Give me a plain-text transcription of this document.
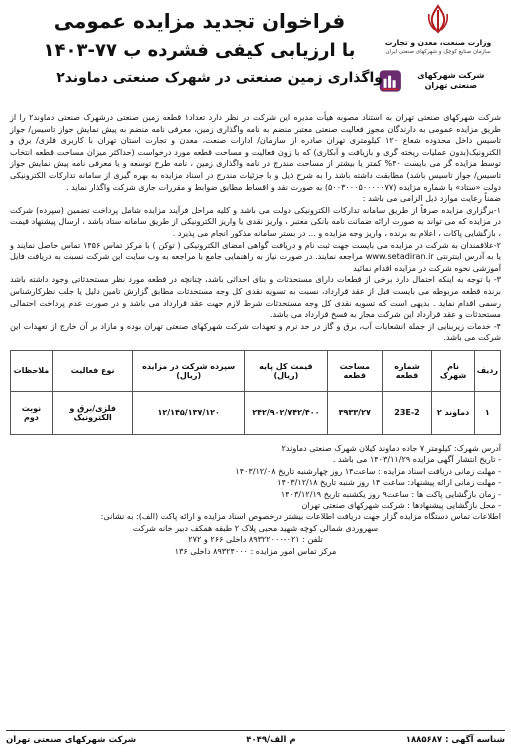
وزارت صنعت، معدن و تجارت
سازمان صنایع کوچک و شهرکهای صنعتی ایران
شرکت شهرکهای صنعتی تهران
فراخوان تجدید مزایده عمومی
با ارزیابی کیفی فشرده ب ۷۷-۱۴۰۳
واگذاری زمین صنعتی در شهرک صنعتی دماوند۲

شرکت شهرکهای صنعتی تهران به استناد مصوبه هیأت مدیره این شرکت در نظر دارد تعداد۱ قطعه زمین صنعتی درشهرک صنعتی دماوند۲ را از طریق مزایده عمومی به دارندگان مجوز فعالیت صنعتی معتبر منضم به نامه واگذاری زمین، معرفی نامه منضم به پیش نمایش جواز تاسیس/ جواز تاسیس داخل محدوده شعاع ۱۲۰ کیلومتری تهران صادره از سازمان/ ادارات صنعت، معدن و تجارت استان تهران با کاربری فلزی/ برق و الکترونیک(بدون عملیات ریخته گری و بازیافت و آبکاری) که با زون فعالیت و مساحت قطعه مورد درخواست (حداکثر میزان مساحت قطعه انتخاب توسط مزایده گر می بایست ۴۰% کمتر یا بیشتر از مساحت مندرج در نامه واگذاری زمین ، نامه طرح توسعه و یا معرفی نامه پیش نمایش جواز تاسیس/ جواز تاسیس باشد) مطابقت داشته باشد را به شرح ذیل و با جزئیات مندرج در اسناد مزایده به بهره گیری از سامانه تدارکات الکترونیکی دولت «ستاد» با شماره مزایده (۵۰۰۳۰۰۰۵۰۰۰۰۰۷۷) به صورت نقد و اقساط مطابق ضوابط و مقررات جاری شرکت واگذار نماید .

ضمناً رعایت موارد ذیل الزامی می باشد :

۱-برگزاری مزایده صرفاً از طریق سامانه تدارکات الکترونیکی دولت می باشد و کلیه مراحل فرآیند مزایده شامل پرداخت تضمین (سپرده) شرکت در مزایده که می تواند به صورت ارائه ضمانت نامه بانکی معتبر ، واریز نقدی یا واریز الکترونیکی از طریق سامانه ستاد باشد ، ارسال پیشنهاد قیمت ، بازگشایی پاکات ، اعلام به برنده ، واریز وجه مزایده و ... در بستر سامانه مذکور انجام می پذیرد .

۲-علاقمندان به شرکت در مزایده می بایست جهت ثبت نام و دریافت گواهی امضای الکترونیکی ( توکن ) با مرکز تماس ۱۴۵۶ تماس حاصل نمایند و یا به آدرس اینترنتی www.setadiran.ir مراجعه نمایند. در صورت نیاز به راهنمایی جامع با مراجعه به وب سایت این شرکت نسبت به دریافت فایل آموزشی نحوه شرکت در مزایده اقدام نمائید

۳- با توجه به اینکه احتمال دارد برخی از قطعات دارای مستحدثات و بنای احداثی باشد، چنانچه در قطعه مورد نظر مستحدثاتی وجود داشته باشد برنده قطعه مربوطه می بایست قبل از عقد قرارداد، نسبت به تسویه نقدی کل وجه مستحدثات مطابق گزارش تامین دلیل یا جلب نظرکارشناس رسمی اقدام نماید . بدیهی است که تسویه نقدی کل وجه مستحدثات شرط لازم جهت عقد قرارداد می باشد و در صورت عدم پرداخت احتمالی مستحدثات و عقد قرارداد این شرکت مجاز به فسخ قرارداد می باشد.

۴- خدمات زیربنایی از جمله انشعابات آب، برق و گاز در حد نرم و تعهدات شرکت شهرکهای صنعتی تهران بوده و مازاد بر آن خارج از تعهدات این شرکت می باشد.

ردیف	نام شهرک	شماره قطعه	مساحت قطعه	قیمت کل پایه (ریال)	سپرده شرکت در مزایده (ریال)	نوع فعالیت	ملاحظات
۱	دماوند ۲	23E-2	۳۹۳۳/۲۷	۲۴۲/۹۰۲/۷۴۲/۴۰۰	۱۲/۱۴۵/۱۳۷/۱۲۰	فلزی/برق و الکترونیک	نوبت دوم

آدرس شهرک: کیلومتر ۷ جاده دماوند کیلان شهرک صنعتی دماوند۲

- تاریخ انتشار آگهی مزایده ۱۴۰۳/۱۱/۲۹ می باشد .

- مهلت زمانی دریافت اسناد مزایده : ساعت۱۴ روز چهارشنبه تاریخ ۱۴۰۳/۱۲/۰۸

- مهلت زمانی ارائه پیشنهاد: ساعت ۱۴ روز شنبه تاریخ ۱۴۰۳/۱۲/۱۸

- زمان بازگشایی پاکت ها : ساعت۹ روز یکشنبه تاریخ ۱۴۰۳/۱۲/۱۹

- محل بازگشایی پیشنهادها : شرکت شهرکهای صنعتی تهران

اطلاعات تماس دستگاه مزایده گزار جهت دریافت اطلاعات بیشتر درخصوص اسناد مزایده و ارائه پاکت (الف): به نشانی:

سهروردی شمالی کوچه شهید محبی پلاک ۲ طبقه همکف دبیر خانه شرکت

تلفن : ۰۲۱-۸۹۳۲۲۰۰۰ داخلی ۲۶۶ و ۲۷۲

مرکز تماس امور مزایده : ۸۹۳۲۴۰۰۰ داخلی ۱۳۶

شناسه آگهی : ۱۸۸۵۶۸۷
م الف/۴۰۴۹
شرکت شهرکهای صنعتی تهران
